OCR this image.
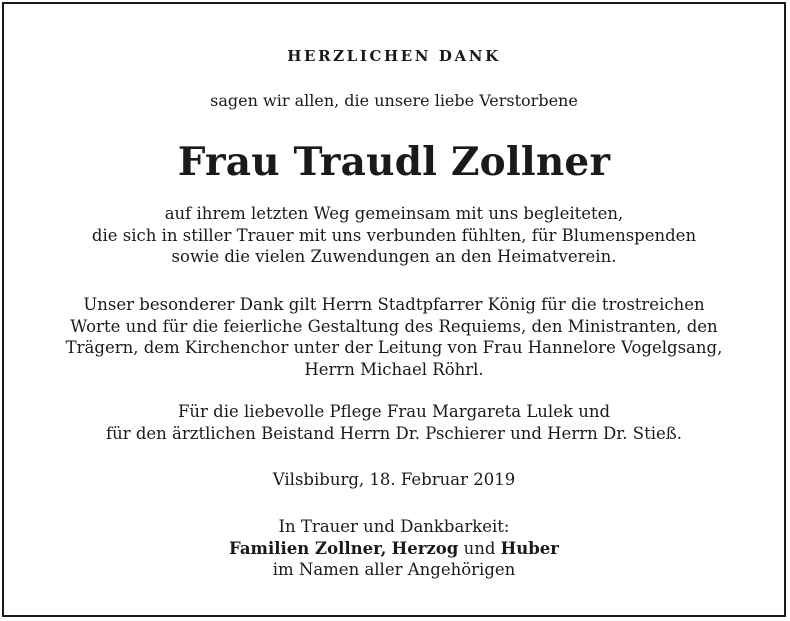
HERZLICHEN DANK
sagen wir allen, die unsere liebe Verstorbene
Frau Traudl Zollner
auf ihrem letzten Weg gemeinsam mit uns begleiteten,
die sich in stiller Trauer mit uns verbunden fühlten, für Blumenspenden
sowie die vielen Zuwendungen an den Heimatverein.
Unser besonderer Dank gilt Herrn Stadtpfarrer König für die trostreichen
Worte und für die feierliche Gestaltung des Requiems, den Ministranten, den
Trägern, dem Kirchenchor unter der Leitung von Frau Hannelore Vogelgsang,
Herrn Michael Röhrl.
Für die liebevolle Pflege Frau Margareta Lulek und
für den ärztlichen Beistand Herrn Dr. Pschierer und Herrn Dr. Stieß.
Vilsbiburg, 18. Februar 2019
In Trauer und Dankbarkeit:
Familien Zollner, Herzog und Huber
im Namen aller Angehörigen
